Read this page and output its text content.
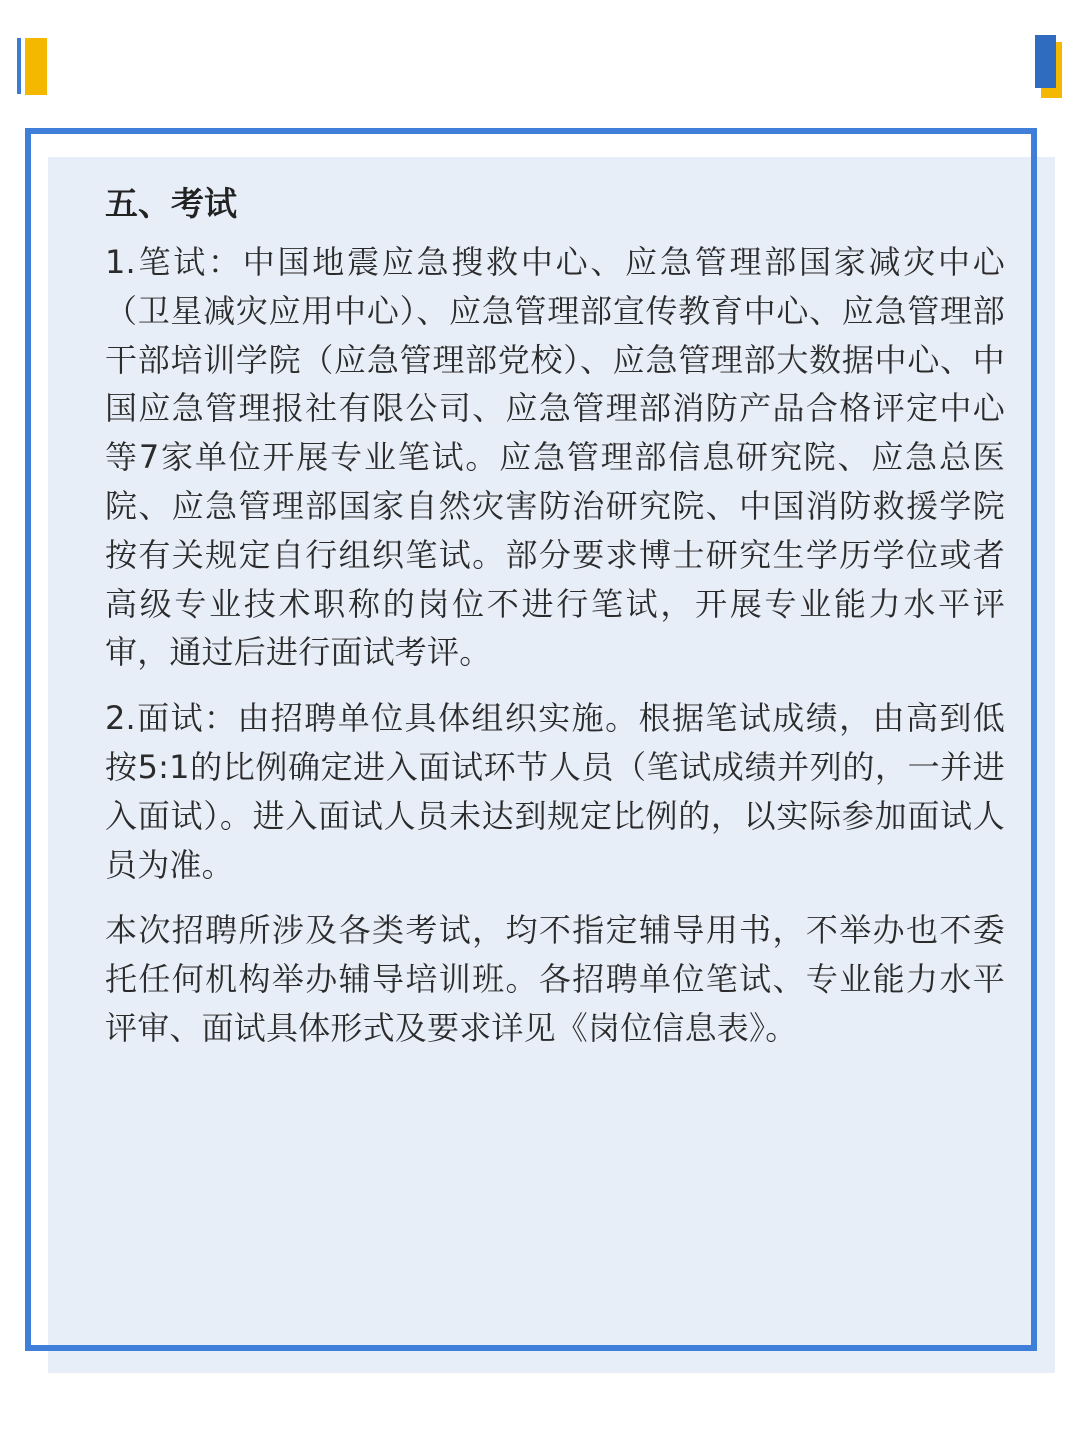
五、考试

1.笔试：中国地震应急搜救中心、应急管理部国家减灾中心（卫星减灾应用中心）、应急管理部宣传教育中心、应急管理部干部培训学院（应急管理部党校）、应急管理部大数据中心、中国应急管理报社有限公司、应急管理部消防产品合格评定中心等7家单位开展专业笔试。应急管理部信息研究院、应急总医院、应急管理部国家自然灾害防治研究院、中国消防救援学院按有关规定自行组织笔试。部分要求博士研究生学历学位或者高级专业技术职称的岗位不进行笔试，开展专业能力水平评审，通过后进行面试考评。

2.面试：由招聘单位具体组织实施。根据笔试成绩，由高到低按5:1的比例确定进入面试环节人员（笔试成绩并列的，一并进入面试）。进入面试人员未达到规定比例的，以实际参加面试人员为准。

本次招聘所涉及各类考试，均不指定辅导用书，不举办也不委托任何机构举办辅导培训班。各招聘单位笔试、专业能力水平评审、面试具体形式及要求详见《岗位信息表》。
